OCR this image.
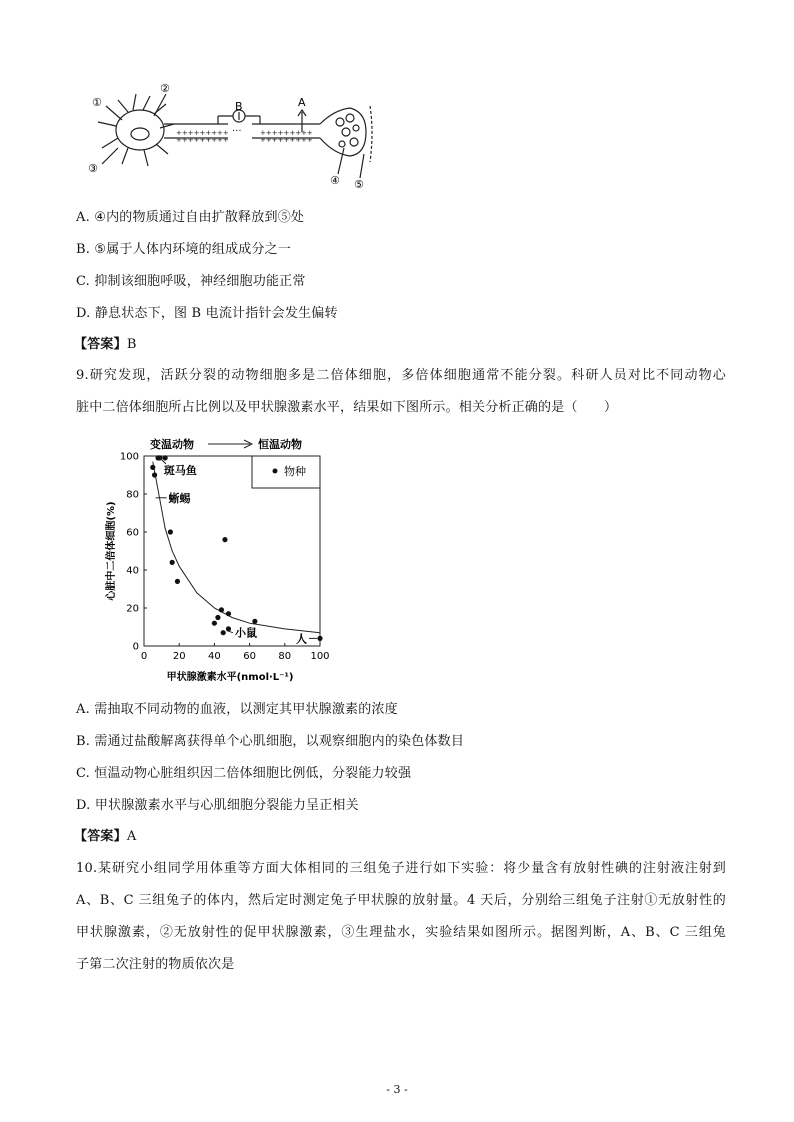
+++++++++
+++++++++
+++++++++
+++++++++
···
①
②
③
B	A
④ ⑤
A. ④内的物质通过自由扩散释放到⑤处
B. ⑤属于人体内环境的组成成分之一
C. 抑制该细胞呼吸，神经细胞功能正常
D. 静息状态下，图 B 电流计指针会发生偏转
【答案】B
9.研究发现，活跃分裂的动物细胞多是二倍体细胞，多倍体细胞通常不能分裂。科研人员对比不同动物心
脏中二倍体细胞所占比例以及甲状腺激素水平，结果如下图所示。相关分析正确的是（　　）
变温动物	恒温动物
物种
甲状腺激素水平(nmol·L⁻¹)
心脏中二倍体细胞(%)
0	20 40 60 80 100
0
20
40
60
80
100
斑马鱼
蜥蜴
小鼠	人
A. 需抽取不同动物的血液，以测定其甲状腺激素的浓度
B. 需通过盐酸解离获得单个心肌细胞，以观察细胞内的染色体数目
C. 恒温动物心脏组织因二倍体细胞比例低，分裂能力较强
D. 甲状腺激素水平与心肌细胞分裂能力呈正相关
【答案】A
10.某研究小组同学用体重等方面大体相同的三组兔子进行如下实验：将少量含有放射性碘的注射液注射到
A、B、C 三组兔子的体内，然后定时测定兔子甲状腺的放射量。4 天后，分别给三组兔子注射①无放射性的
甲状腺激素，②无放射性的促甲状腺激素，③生理盐水，实验结果如图所示。据图判断，A、B、C 三组兔
子第二次注射的物质依次是
- 3 -
